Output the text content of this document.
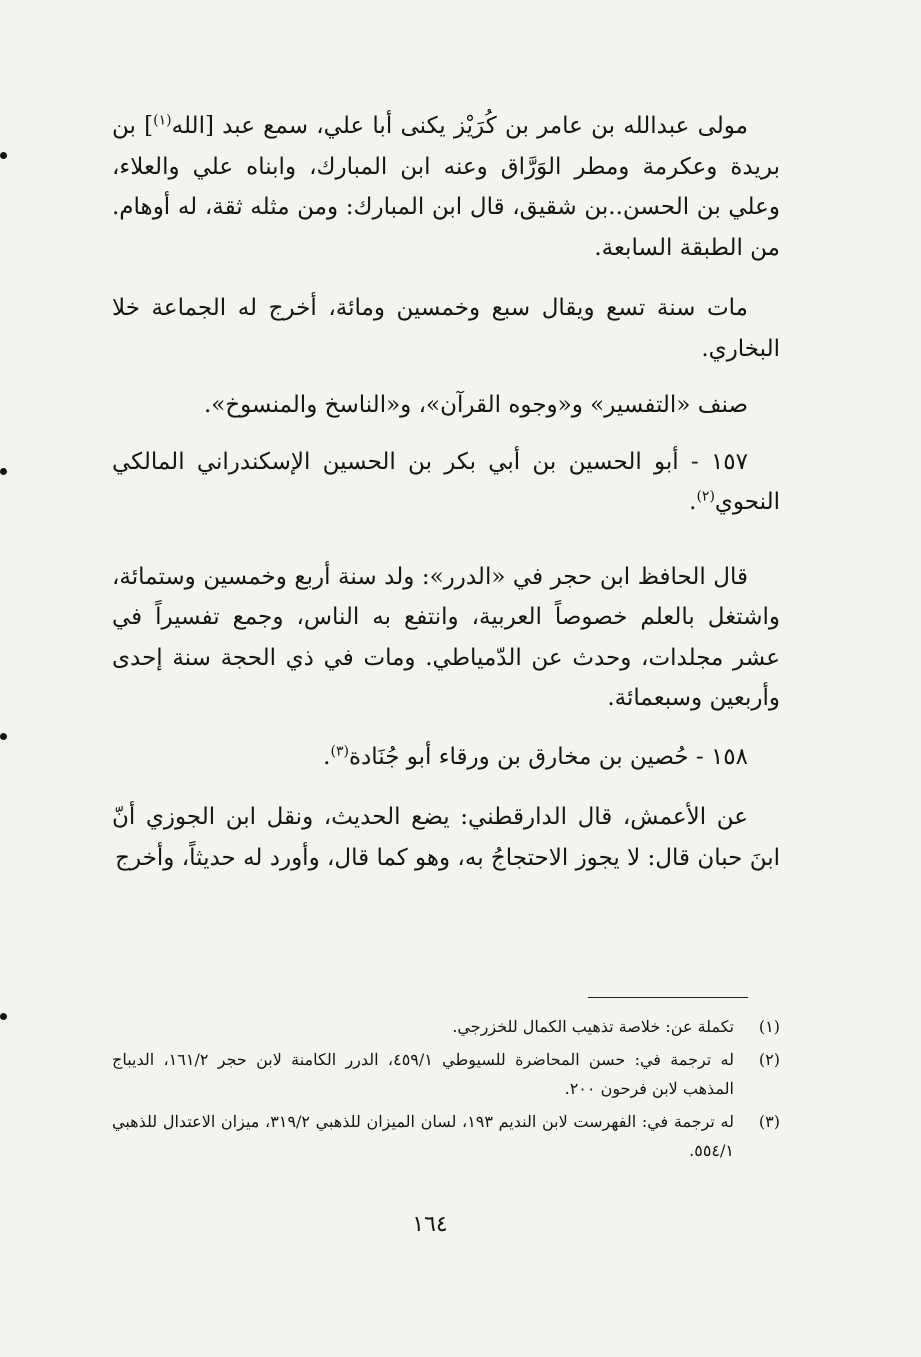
مولى عبدالله بن عامر بن كُرَيْز يكنى أبا علي، سمع عبد [الله$^{(١)}$] بن بريدة وعكرمة ومطر الوَرَّاق وعنه ابن المبارك، وابناه علي والعلاء، وعلي بن الحسن..بن شقيق، قال ابن المبارك: ومن مثله ثقة، له أوهام. من الطبقة السابعة.

مات سنة تسع ويقال سبع وخمسين ومائة، أخرج له الجماعة خلا البخاري.

صنف «التفسير» و«وجوه القرآن»، و«الناسخ والمنسوخ».

١٥٧ - أبو الحسين بن أبي بكر بن الحسين الإسكندراني المالكي النحوي$^{(٢)}$.

قال الحافظ ابن حجر في «الدرر»: ولد سنة أربع وخمسين وستمائة، واشتغل بالعلم خصوصاً العربية، وانتفع به الناس، وجمع تفسيراً في عشر مجلدات، وحدث عن الدّمياطي. ومات في ذي الحجة سنة إحدى وأربعين وسبعمائة.

١٥٨ - حُصين بن مخارق بن ورقاء أبو جُنَادة$^{(٣)}$.

عن الأعمش، قال الدارقطني: يضع الحديث، ونقل ابن الجوزي أنّ ابنَ حبان قال: لا يجوز الاحتجاجُ به، وهو كما قال، وأورد له حديثاً، وأخرج

(١)
تكملة عن: خلاصة تذهيب الكمال للخزرجي.
(٢)
له ترجمة في: حسن المحاضرة للسيوطي ٤٥٩/١، الدرر الكامنة لابن حجر ١٦١/٢، الديباج المذهب لابن فرحون ٢٠٠.
(٣)
له ترجمة في: الفهرست لابن النديم ١٩٣، لسان الميزان للذهبي ٣١٩/٢، ميزان الاعتدال للذهبي ٥٥٤/١.
١٦٤
